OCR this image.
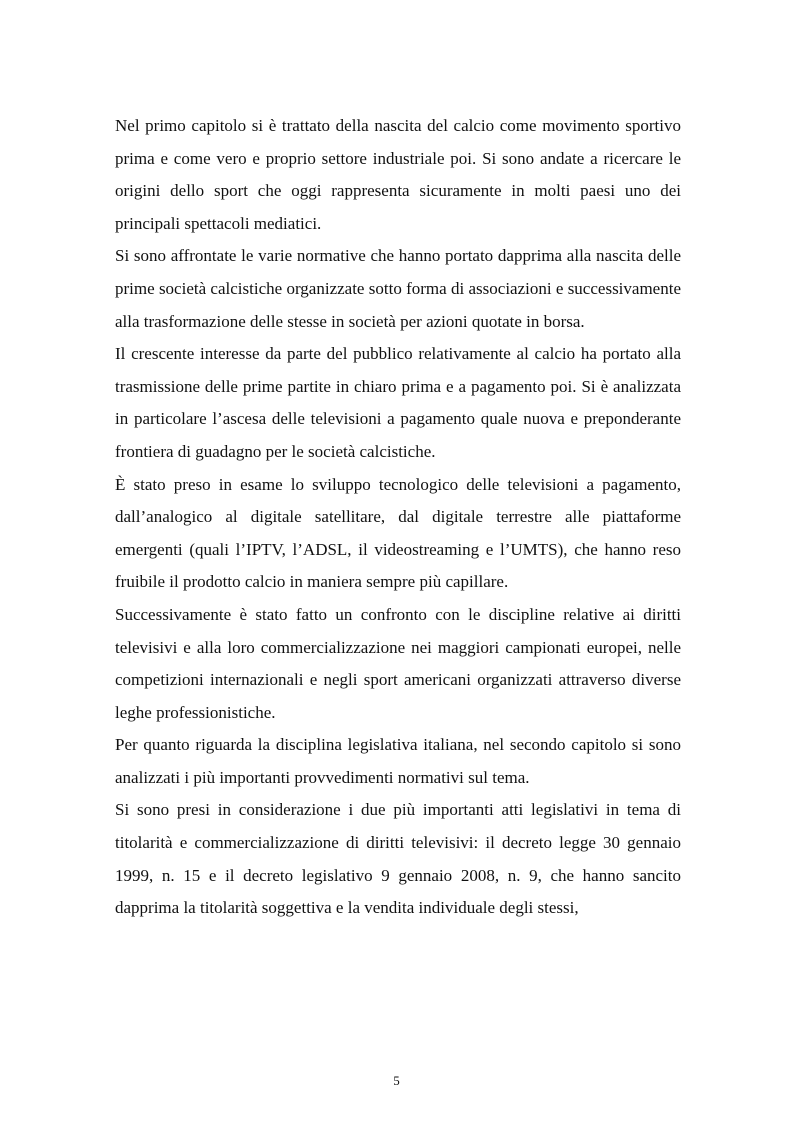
Nel primo capitolo si è trattato della nascita del calcio come movimento sportivo prima e come vero e proprio settore industriale poi. Si sono andate a ricercare le origini dello sport che oggi rappresenta sicuramente in molti paesi uno dei principali spettacoli mediatici.

Si sono affrontate le varie normative che hanno portato dapprima alla nascita delle prime società calcistiche organizzate sotto forma di associazioni e successivamente alla trasformazione delle stesse in società per azioni quotate in borsa.

Il crescente interesse da parte del pubblico relativamente al calcio ha portato alla trasmissione delle prime partite in chiaro prima e a pagamento poi. Si è analizzata in particolare l’ascesa delle televisioni a pagamento quale nuova e preponderante frontiera di guadagno per le società calcistiche.

È stato preso in esame lo sviluppo tecnologico delle televisioni a pagamento, dall’analogico al digitale satellitare, dal digitale terrestre alle piattaforme emergenti (quali l’IPTV, l’ADSL, il videostreaming e l’UMTS), che hanno reso fruibile il prodotto calcio in maniera sempre più capillare.

Successivamente è stato fatto un confronto con le discipline relative ai diritti televisivi e alla loro commercializzazione nei maggiori campionati europei, nelle competizioni internazionali e negli sport americani organizzati attraverso diverse leghe professionistiche.

Per quanto riguarda la disciplina legislativa italiana, nel secondo capitolo si sono analizzati i più importanti provvedimenti normativi sul tema.

Si sono presi in considerazione i due più importanti atti legislativi in tema di titolarità e commercializzazione di diritti televisivi: il decreto legge 30 gennaio 1999, n. 15 e il decreto legislativo 9 gennaio 2008, n. 9, che hanno sancito dapprima la titolarità soggettiva e la vendita individuale degli stessi,

5
